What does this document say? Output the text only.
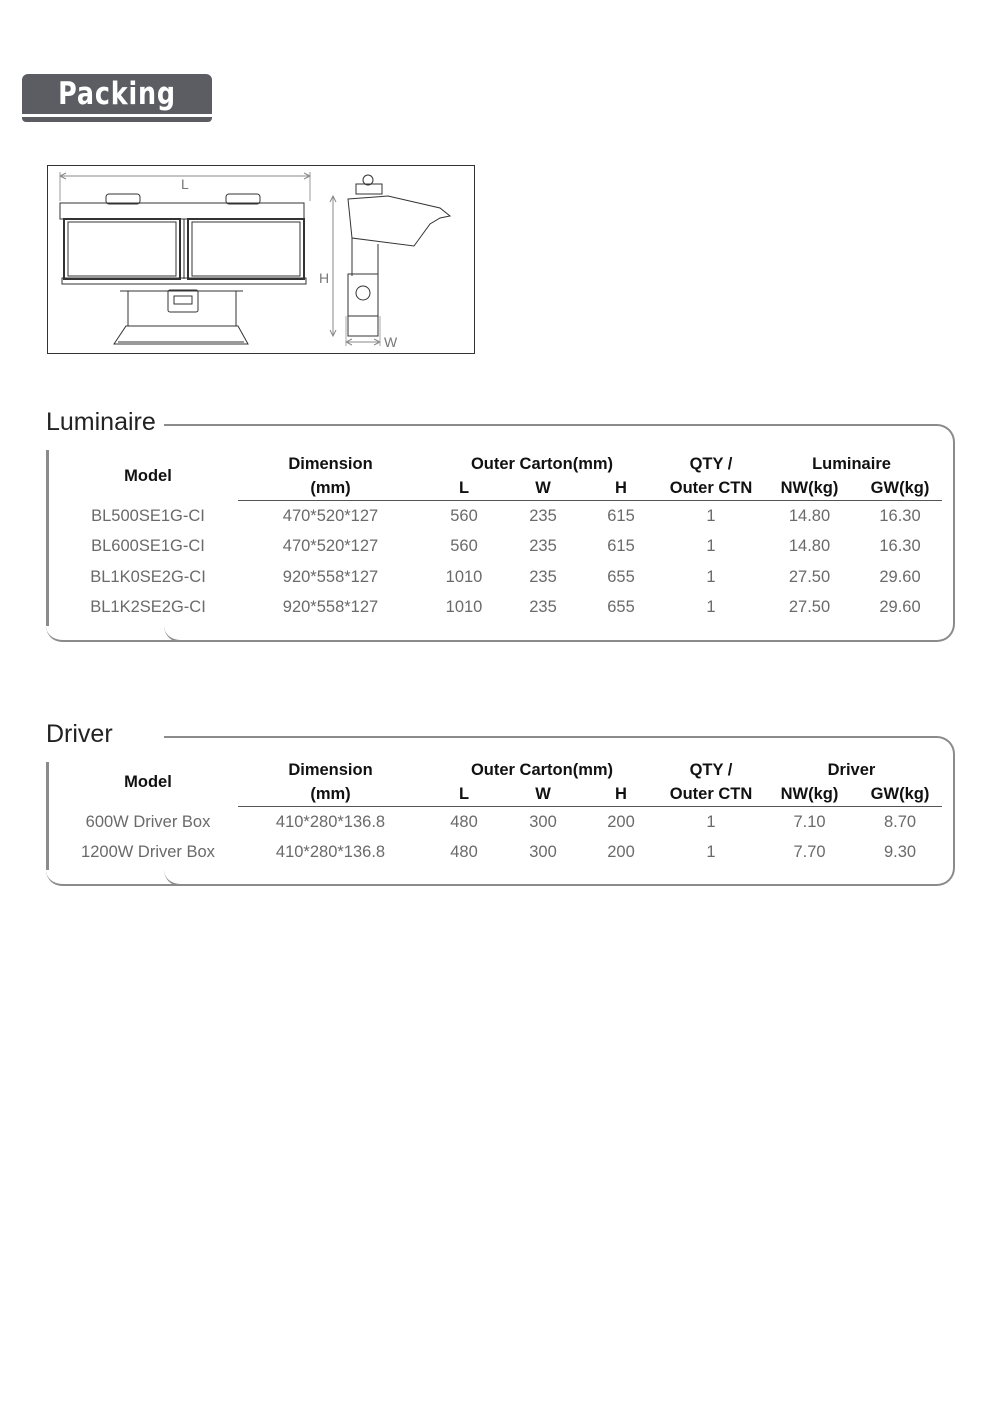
Packing
L
H
W
Luminaire
Model	Dimension	Outer Carton(mm)			QTY /	Luminaire	
	(mm)	L	W	H	Outer CTN	NW(kg)	GW(kg)
BL500SE1G-CI	470*520*127	560	235	615	1	14.80	16.30
BL600SE1G-CI	470*520*127	560	235	615	1	14.80	16.30
BL1K0SE2G-CI	920*558*127	1010	235	655	1	27.50	29.60
BL1K2SE2G-CI	920*558*127	1010	235	655	1	27.50	29.60
Driver
Model	Dimension	Outer Carton(mm)			QTY /	Driver	
	(mm)	L	W	H	Outer CTN	NW(kg)	GW(kg)
600W Driver Box	410*280*136.8	480	300	200	1	7.10	8.70
1200W Driver Box	410*280*136.8	480	300	200	1	7.70	9.30
